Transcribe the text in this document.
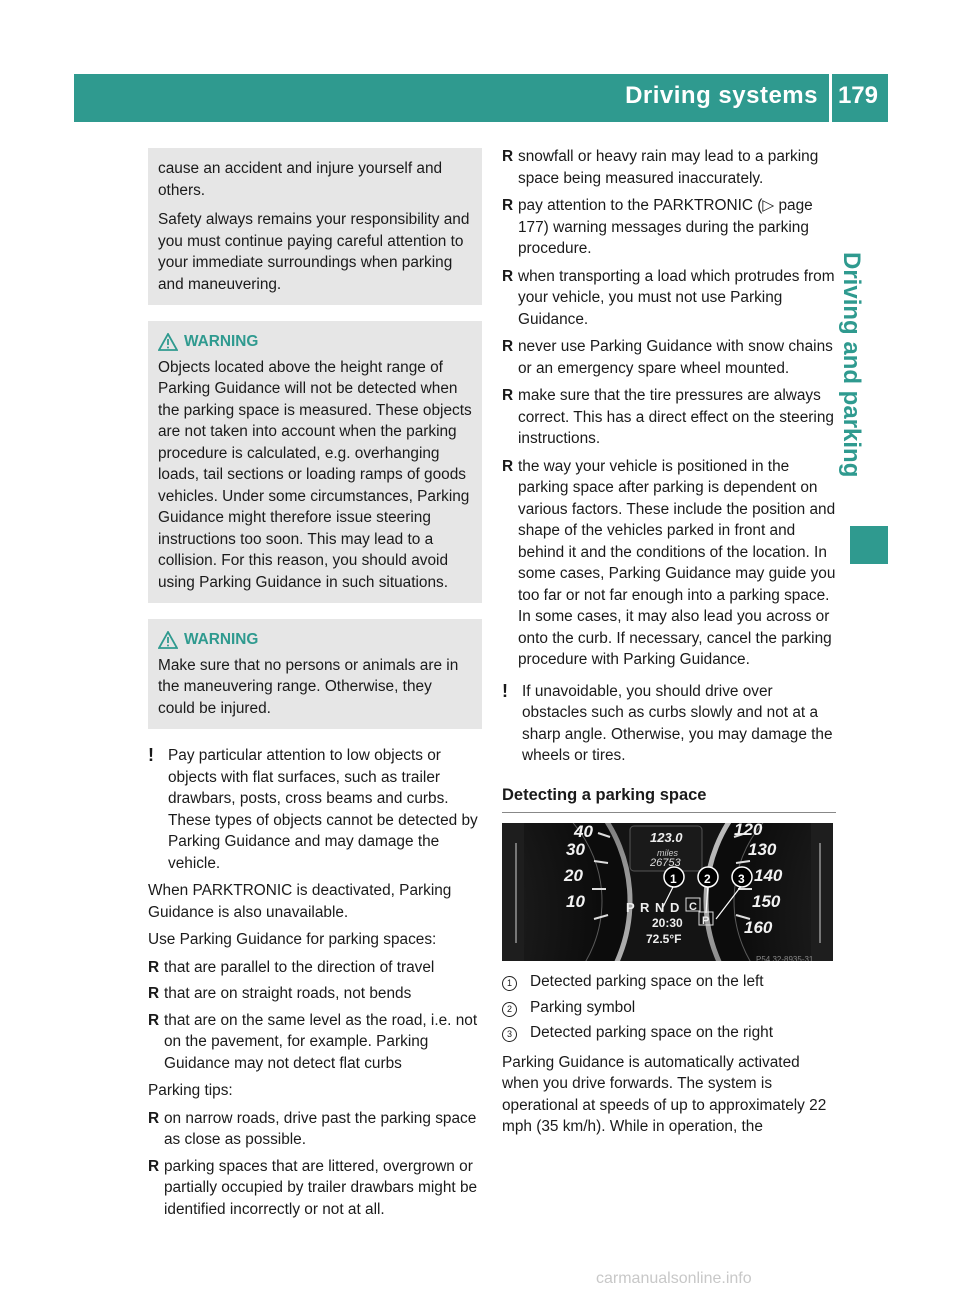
Driving systems 179
Driving and parking

cause an accident and injure yourself and others.

Safety always remains your responsibility and you must continue paying careful attention to your immediate surroundings when parking and maneuvering.

WARNING

Objects located above the height range of Parking Guidance will not be detected when the parking space is measured. These objects are not taken into account when the parking procedure is calculated, e.g. overhanging loads, tail sections or loading ramps of goods vehicles. Under some circumstances, Parking Guidance might therefore issue steering instructions too soon. This may lead to a collision. For this reason, you should avoid using Parking Guidance in such situations.

WARNING

Make sure that no persons or animals are in the maneuvering range. Otherwise, they could be injured.

! Pay particular attention to low objects or objects with flat surfaces, such as trailer drawbars, posts, cross beams and curbs. These types of objects cannot be detected by Parking Guidance and may damage the vehicle.

When PARKTRONIC is deactivated, Parking Guidance is also unavailable.

Use Parking Guidance for parking spaces:

R that are parallel to the direction of travel
R that are on straight roads, not bends
R that are on the same level as the road, i.e. not on the pavement, for example. Parking Guidance may not detect flat curbs

Parking tips:

R on narrow roads, drive past the parking space as close as possible.
R parking spaces that are littered, overgrown or partially occupied by trailer drawbars might be identified incorrectly or not at all.
R snowfall or heavy rain may lead to a parking space being measured inaccurately.
R pay attention to the PARKTRONIC (▷ page 177) warning messages during the parking procedure.
R when transporting a load which protrudes from your vehicle, you must not use Parking Guidance.
R never use Parking Guidance with snow chains or an emergency spare wheel mounted.
R make sure that the tire pressures are always correct. This has a direct effect on the steering instructions.
R the way your vehicle is positioned in the parking space after parking is dependent on various factors. These include the position and shape of the vehicles parked in front and behind it and the conditions of the location. In some cases, Parking Guidance may guide you too far or not far enough into a parking space. In some cases, it may also lead you across or onto the curb. If necessary, cancel the parking procedure with Parking Guidance.
! If unavoidable, you should drive over obstacles such as curbs slowly and not at a sharp angle. Otherwise, you may damage the wheels or tires.
Detecting a parking space
123.0
miles
26753
1 2 3
P R N D C
P
20:30
72.5°F
P54.32-8935-31
40
30
20
10
120
130
140
150
160
1	Detected parking space on the left
2	Parking symbol
3	Detected parking space on the right

Parking Guidance is automatically activated when you drive forwards. The system is operational at speeds of up to approximately 22 mph (35 km/h). While in operation, the

carmanualsonline.info
